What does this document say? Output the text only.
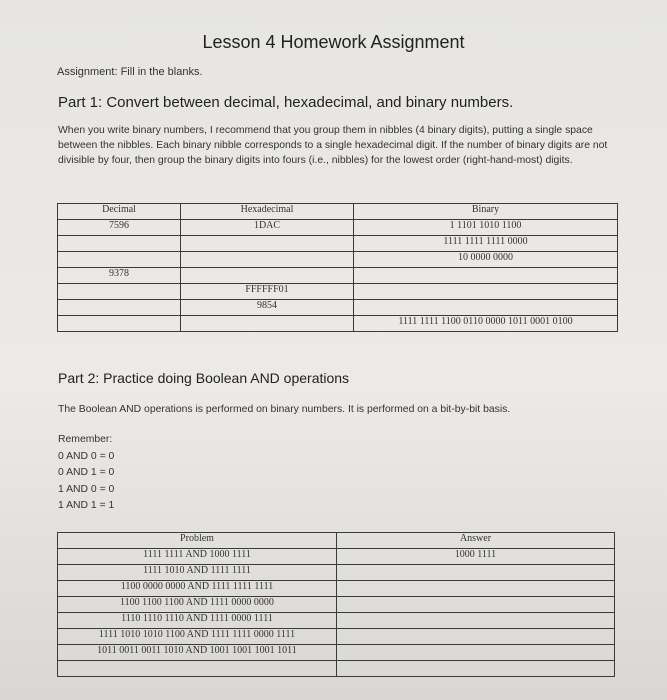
Lesson 4 Homework Assignment
Assignment: Fill in the blanks.
Part 1: Convert between decimal, hexadecimal, and binary numbers.
When you write binary numbers, I recommend that you group them in nibbles (4 binary digits), putting a single space between the nibbles. Each binary nibble corresponds to a single hexadecimal digit. If the number of binary digits are not divisible by four, then group the binary digits into fours (i.e., nibbles) for the lowest order (right-hand-most) digits.
Decimal	Hexadecimal	Binary
7596	1DAC	1 1101 1010 1100
		1111 1111 1111 0000
		10 0000 0000
9378		
	FFFFFF01	
	9854	
		1111 1111 1100 0110 0000 1011 0001 0100
Part 2: Practice doing Boolean AND operations
The Boolean AND operations is performed on binary numbers. It is performed on a bit-by-bit basis.
Remember:
0 AND 0 = 0
0 AND 1 = 0
1 AND 0 = 0
1 AND 1 = 1
Problem	Answer
1111 1111 AND 1000 1111	1000 1111
1111 1010 AND 1111 1111	
1100 0000 0000 AND 1111 1111 1111	
1100 1100 1100 AND 1111 0000 0000	
1110 1110 1110 AND 1111 0000 1111	
1111 1010 1010 1100 AND 1111 1111 0000 1111	
1011 0011 0011 1010 AND 1001 1001 1001 1011	
